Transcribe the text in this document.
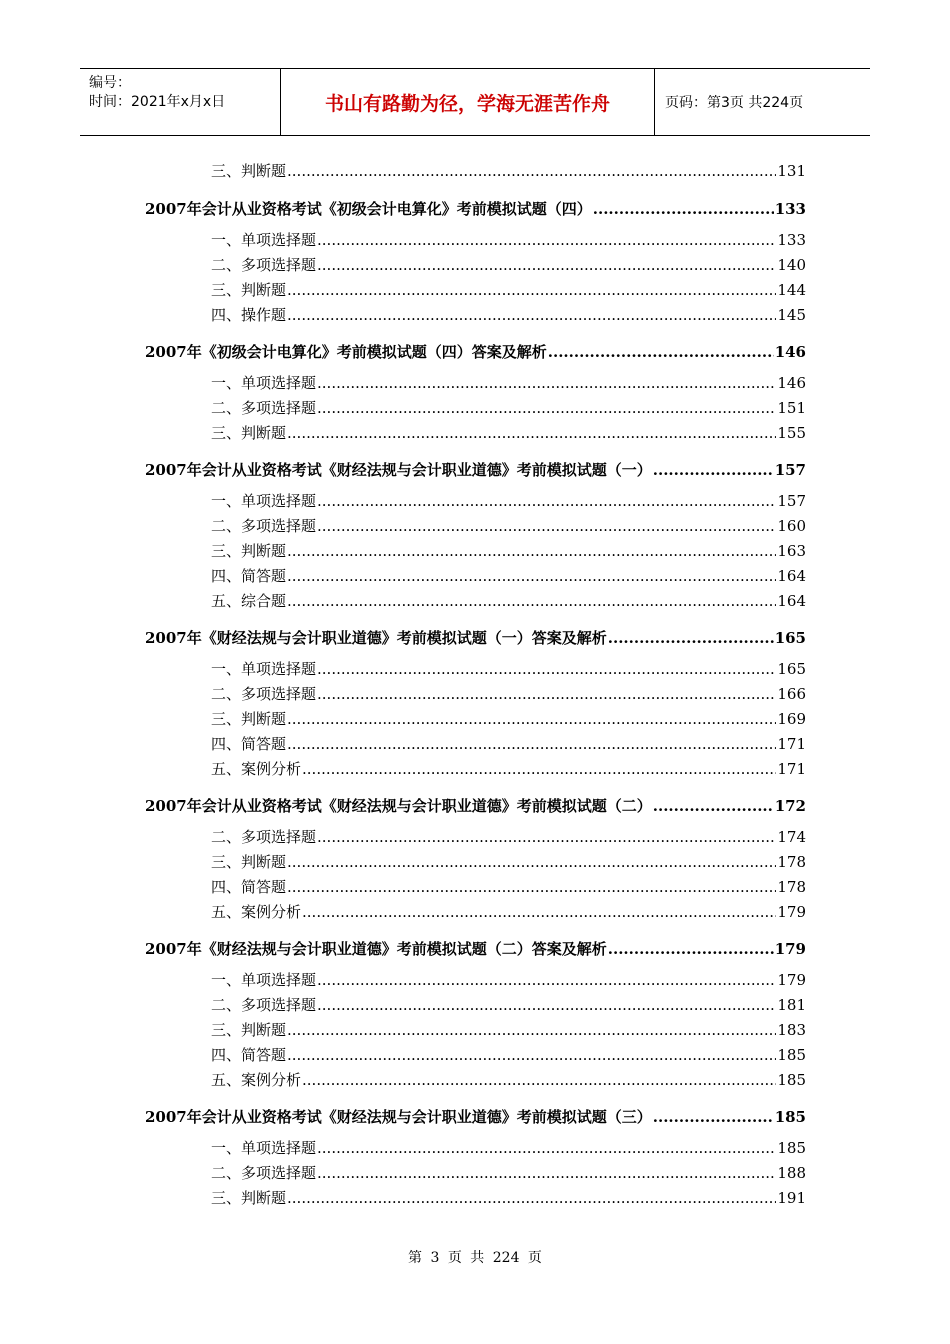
编号：
时间：2021年x月x日	书山有路勤为径，学海无涯苦作舟	页码：第3页 共224页
三、判断题 .....	131
2007年会计从业资格考试《初级会计电算化》考前模拟试题（四） .....	133
一、单项选择题 .....	133
二、多项选择题 .....	140
三、判断题 .....	144
四、操作题 .....	145
2007年《初级会计电算化》考前模拟试题（四）答案及解析 .....	146
一、单项选择题 .....	146
二、多项选择题 .....	151
三、判断题 .....	155
2007年会计从业资格考试《财经法规与会计职业道德》考前模拟试题（一） .....	157
一、单项选择题 .....	157
二、多项选择题 .....	160
三、判断题 .....	163
四、简答题 .....	164
五、综合题 .....	164
2007年《财经法规与会计职业道德》考前模拟试题（一）答案及解析 .....	165
一、单项选择题 .....	165
二、多项选择题 .....	166
三、判断题 .....	169
四、简答题 .....	171
五、案例分析 .....	171
2007年会计从业资格考试《财经法规与会计职业道德》考前模拟试题（二） .....	172
二、多项选择题 .....	174
三、判断题 .....	178
四、简答题 .....	178
五、案例分析 .....	179
2007年《财经法规与会计职业道德》考前模拟试题（二）答案及解析 .....	179
一、单项选择题 .....	179
二、多项选择题 .....	181
三、判断题 .....	183
四、简答题 .....	185
五、案例分析 .....	185
2007年会计从业资格考试《财经法规与会计职业道德》考前模拟试题（三） .....	185
一、单项选择题 .....	185
二、多项选择题 .....	188
三、判断题 .....	191
第 3 页 共 224 页
